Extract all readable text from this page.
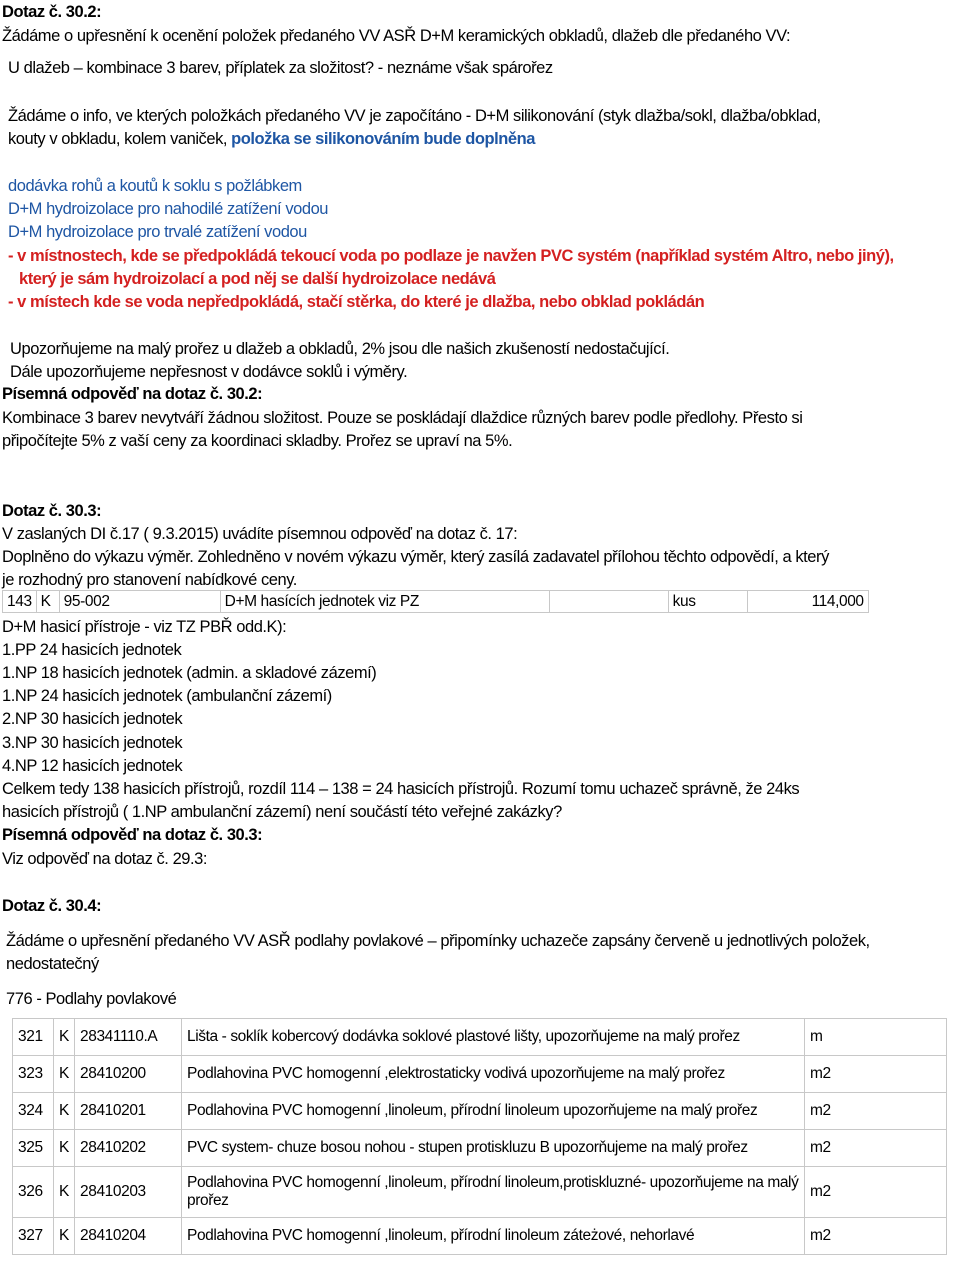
Dotaz č. 30.2:
Žádáme o upřesnění k ocenění položek předaného VV ASŘ D+M keramických obkladů, dlažeb dle předaného VV:
U dlažeb – kombinace 3 barev, příplatek za složitost? - neznáme však spárořez
Žádáme o info, ve kterých položkách předaného VV je započítáno - D+M silikonování (styk dlažba/sokl, dlažba/obklad,
kouty v obkladu, kolem vaniček, položka se silikonováním bude doplněna
dodávka rohů a koutů k soklu s požlábkem
D+M hydroizolace pro nahodilé zatížení vodou
D+M hydroizolace pro trvalé zatížení vodou
- v místnostech, kde se předpokládá tekoucí voda po podlaze je navžen PVC systém (například systém Altro, nebo jiný),
který je sám hydroizolací a pod něj se další hydroizolace nedává
- v místech kde se voda nepředpokládá, stačí stěrka, do které je dlažba, nebo obklad pokládán
Upozorňujeme na malý prořez u dlažeb a obkladů, 2% jsou dle našich zkušeností nedostačující.
Dále upozorňujeme nepřesnost v dodávce soklů i výměry.
Písemná odpověď na dotaz č. 30.2:
Kombinace 3 barev nevytváří žádnou složitost. Pouze se poskládají dlaždice různých barev podle předlohy. Přesto si
připočítejte 5% z vaší ceny za koordinaci skladby. Prořez se upraví na 5%.
Dotaz č. 30.3:
V zaslaných DI č.17 ( 9.3.2015) uvádíte písemnou odpověď na dotaz č. 17:
Doplněno do výkazu výměr. Zohledněno v novém výkazu výměr, který zasílá zadavatel přílohou těchto odpovědí, a který
je rozhodný pro stanovení nabídkové ceny.
143	K	95-002	D+M hasících jednotek viz PZ		kus	114,000
D+M hasicí přístroje - viz TZ PBŘ odd.K):
1.PP 24 hasicích jednotek
1.NP 18 hasicích jednotek (admin. a skladové zázemí)
1.NP 24 hasicích jednotek (ambulanční zázemí)
2.NP 30 hasicích jednotek
3.NP 30 hasicích jednotek
4.NP 12 hasicích jednotek
Celkem tedy 138 hasicích přístrojů, rozdíl 114 – 138 = 24 hasicích přístrojů. Rozumí tomu uchazeč správně, že 24ks
hasicích přístrojů ( 1.NP ambulanční zázemí) není součástí této veřejné zakázky?
Písemná odpověď na dotaz č. 30.3:
Viz odpověď na dotaz č. 29.3:
Dotaz č. 30.4:
Žádáme o upřesnění předaného VV ASŘ podlahy povlakové – připomínky uchazeče zapsány červeně u jednotlivých položek,
nedostatečný
776 - Podlahy povlakové
321	K	28341110.A	Lišta - soklík kobercový dodávka soklové plastové lišty, upozorňujeme na malý prořez	m
323	K	28410200	Podlahovina PVC homogenní ,elektrostaticky vodivá upozorňujeme na malý prořez	m2
324	K	28410201	Podlahovina PVC homogenní ,linoleum, přírodní linoleum upozorňujeme na malý prořez	m2
325	K	28410202	PVC system- chuze bosou nohou - stupen protiskluzu B upozorňujeme na malý prořez	m2
326	K	28410203	Podlahovina PVC homogenní ,linoleum, přírodní linoleum,protiskluzné- upozorňujeme na malý prořez	m2
327	K	28410204	Podlahovina PVC homogenní ,linoleum, přírodní linoleum záteżové, nehorlavé	m2
